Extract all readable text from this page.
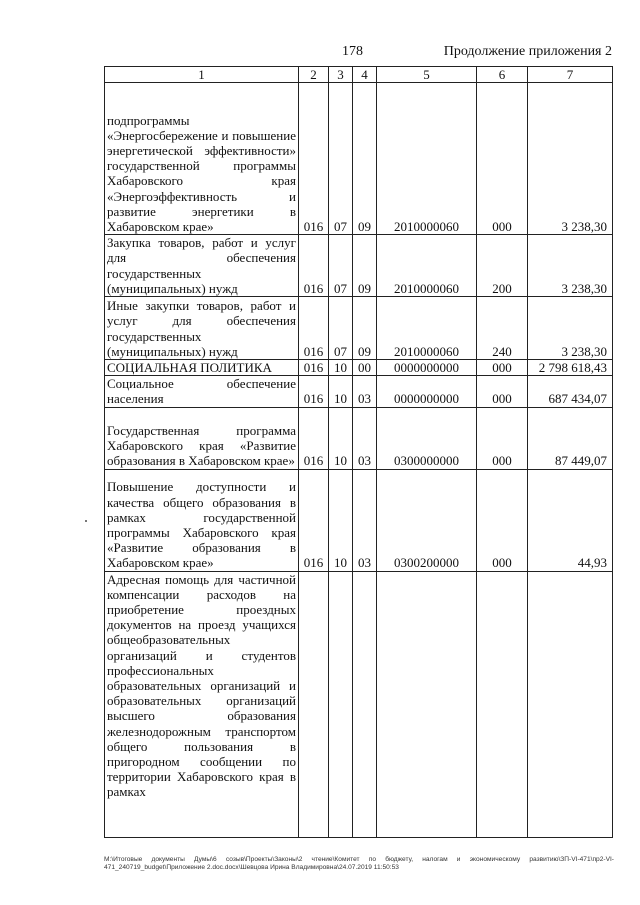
178	Продолжение приложения 2
1	2	3	4	5	6	7
подпрограммы «Энергосбережение и повышение энергетической эффективности» государственной программы Хабаровского края «Энергоэффективность и развитие энергетики в Хабаровском крае»	016	07	09	2010000060	000	3 238,30
Закупка товаров, работ и услуг для обеспечения государственных (муниципальных) нужд	016	07	09	2010000060	200	3 238,30
Иные закупки товаров, работ и услуг для обеспечения государственных (муниципальных) нужд	016	07	09	2010000060	240	3 238,30
СОЦИАЛЬНАЯ ПОЛИТИКА	016	10	00	0000000000	000	2 798 618,43
Социальное обеспечение населения	016	10	03	0000000000	000	687 434,07
Государственная программа Хабаровского края «Развитие образования в Хабаровском крае»	016	10	03	0300000000	000	87 449,07
Повышение доступности и качества общего образования в рамках государственной программы Хабаровского края «Развитие образования в Хабаровском крае»	016	10	03	0300200000	000	44,93
Адресная помощь для частичной компенсации расходов на приобретение проездных документов на проезд учащихся общеобразовательных организаций и студентов профессиональных образовательных организаций и образовательных организаций высшего образования железнодорожным транспортом общего пользования в пригородном сообщении по территории Хабаровского края в рамках						
M:\Итоговые документы Думы\6 созыв\Проекты\Законы\2 чтение\Комитет по бюджету, налогам и экономическому развитию\ЗП-VI-471\пр2-VI-471_240719_budget\Приложение 2.doc.docx\Шевцова Ирина Владимировна\24.07.2019 11:50:53
